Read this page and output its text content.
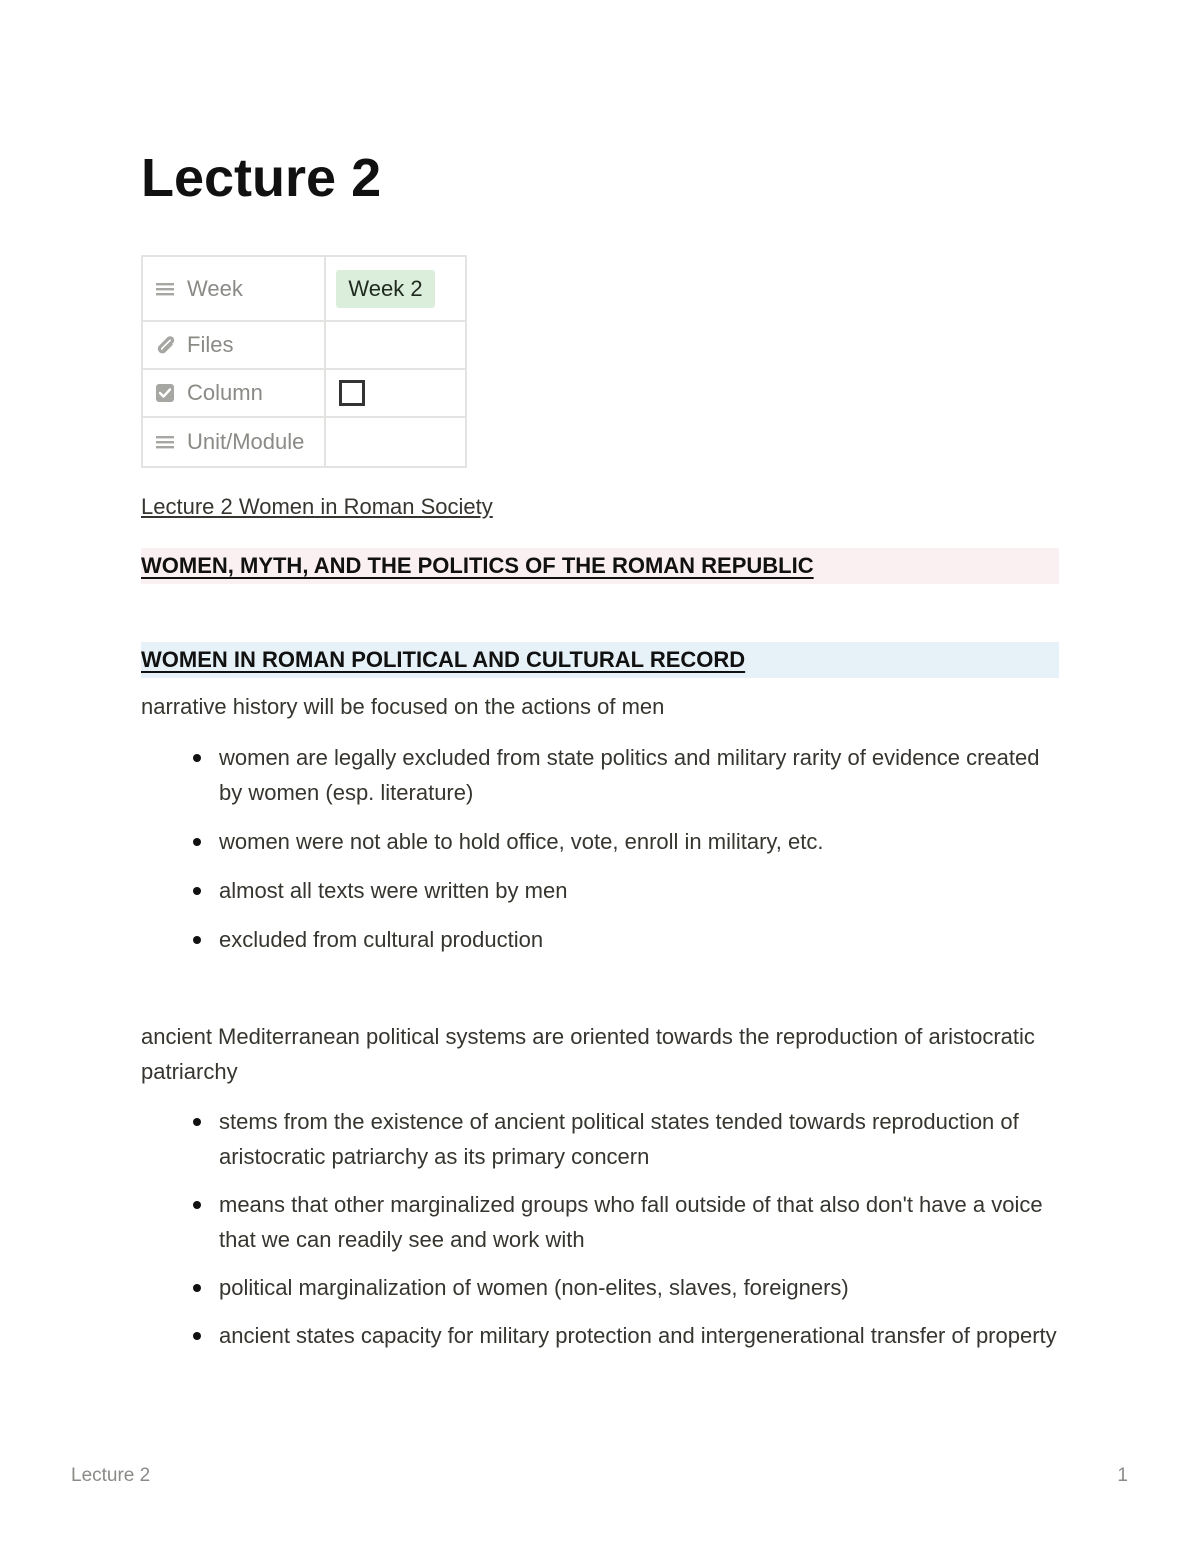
Lecture 2
Week	Week 2

Files	

Column	

Unit/Module	

Lecture 2 Women in Roman Society

WOMEN, MYTH, AND THE POLITICS OF THE ROMAN REPUBLIC
WOMEN IN ROMAN POLITICAL AND CULTURAL RECORD

narrative history will be focused on the actions of men

women are legally excluded from state politics and military rarity of evidence created by women (esp. literature)
women were not able to hold office, vote, enroll in military, etc.
almost all texts were written by men
excluded from cultural production

ancient Mediterranean political systems are oriented towards the reproduction of aristocratic patriarchy

stems from the existence of ancient political states tended towards reproduction of aristocratic patriarchy as its primary concern
means that other marginalized groups who fall outside of that also don't have a voice that we can readily see and work with
political marginalization of women (non-elites, slaves, foreigners)
ancient states capacity for military protection and intergenerational transfer of property
Lecture 2	1
